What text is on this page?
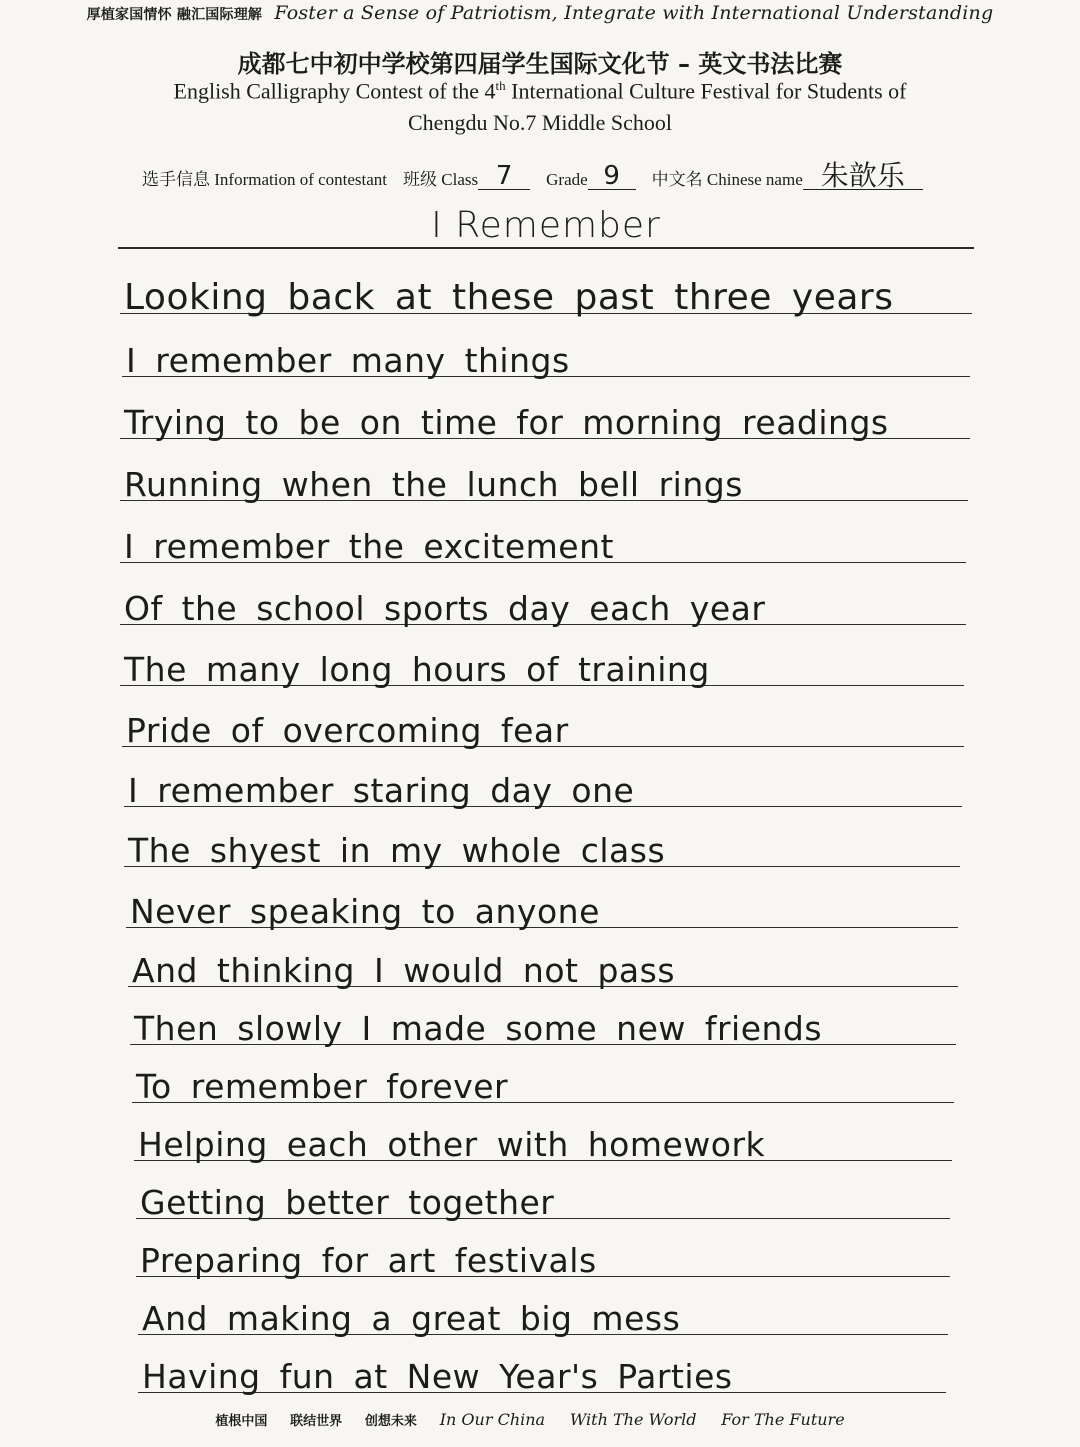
厚植家国情怀 融汇国际理解 Foster a Sense of Patriotism, Integrate with International Understanding
成都七中初中学校第四届学生国际文化节 – 英文书法比赛
English Calligraphy Contest of the 4th International Culture Festival for Students of
Chengdu No.7 Middle School
选手信息 Information of contestant 班级 Class 7	Grade 9	中文名 Chinese name 朱歆乐
I Remember
Looking back at these past three years
I remember many things
Trying to be on time for morning readings
Running when the lunch bell rings
I remember the excitement
Of the school sports day each year
The many long hours of training
Pride of overcoming fear
I remember staring day one
The shyest in my whole class
Never speaking to anyone
And thinking I would not pass
Then slowly I made some new friends
To remember forever
Helping each other with homework
Getting better together
Preparing for art festivals
And making a great big mess
Having fun at New Year's Parties
植根中国 联结世界 创想未来 In Our China With The World For The Future
